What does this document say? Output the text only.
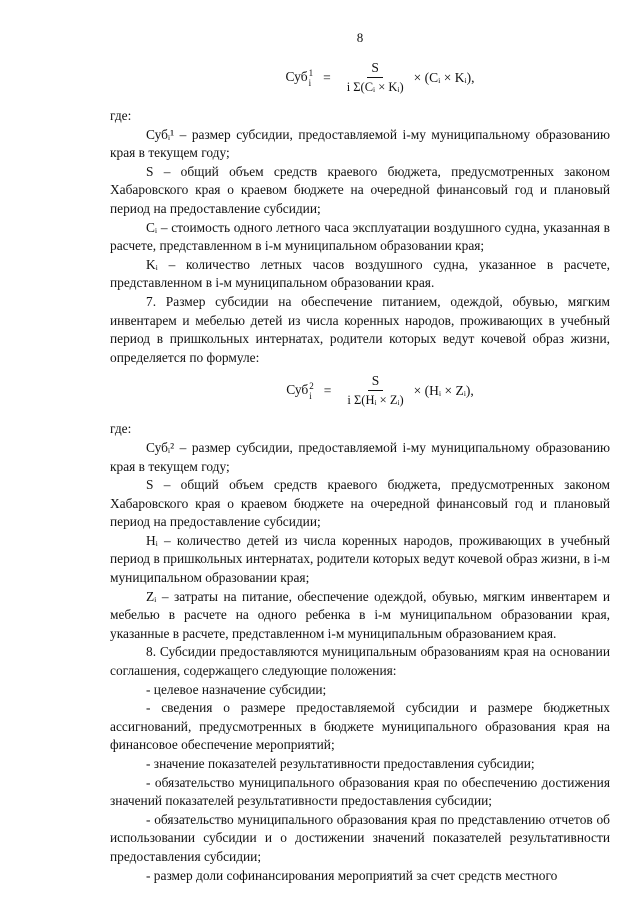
8
Суб 1
$i = \frac{S}{\text{i Σ(Cᵢ × Kᵢ)}}$ × (Cᵢ × Kᵢ),

где:

Субᵢ¹ – размер субсидии, предоставляемой i-му муниципальному образованию края в текущем году;

S – общий объем средств краевого бюджета, предусмотренных законом Хабаровского края о краевом бюджете на очередной финансовый год и плановый период на предоставление субсидии;

Cᵢ – стоимость одного летного часа эксплуатации воздушного судна, указанная в расчете, представленном в i-м муниципальном образовании края;

Kᵢ – количество летных часов воздушного судна, указанное в расчете, представленном в i-м муниципальном образовании края.

7. Размер субсидии на обеспечение питанием, одеждой, обувью, мягким инвентарем и мебелью детей из числа коренных народов, проживающих в учебный период в пришкольных интернатах, родители которых ведут кочевой образ жизни, определяется по формуле:

Суб 2
$i = \frac{S}{\text{i Σ(Hᵢ × Zᵢ)}}$ × (Hᵢ × Zᵢ),

где:

Субᵢ² – размер субсидии, предоставляемой i-му муниципальному образованию края в текущем году;

S – общий объем средств краевого бюджета, предусмотренных законом Хабаровского края о краевом бюджете на очередной финансовый год и плановый период на предоставление субсидии;

Hᵢ – количество детей из числа коренных народов, проживающих в учебный период в пришкольных интернатах, родители которых ведут кочевой образ жизни, в i-м муниципальном образовании края;

Zᵢ – затраты на питание, обеспечение одеждой, обувью, мягким инвентарем и мебелью в расчете на одного ребенка в i-м муниципальном образовании края, указанные в расчете, представленном i-м муниципальным образованием края.

8. Субсидии предоставляются муниципальным образованиям края на основании соглашения, содержащего следующие положения:

- целевое назначение субсидии;

- сведения о размере предоставляемой субсидии и размере бюджетных ассигнований, предусмотренных в бюджете муниципального образования края на финансовое обеспечение мероприятий;

- значение показателей результативности предоставления субсидии;

- обязательство муниципального образования края по обеспечению достижения значений показателей результативности предоставления субсидии;

- обязательство муниципального образования края по представлению отчетов об использовании субсидии и о достижении значений показателей результативности предоставления субсидии;

- размер доли софинансирования мероприятий за счет средств местного
